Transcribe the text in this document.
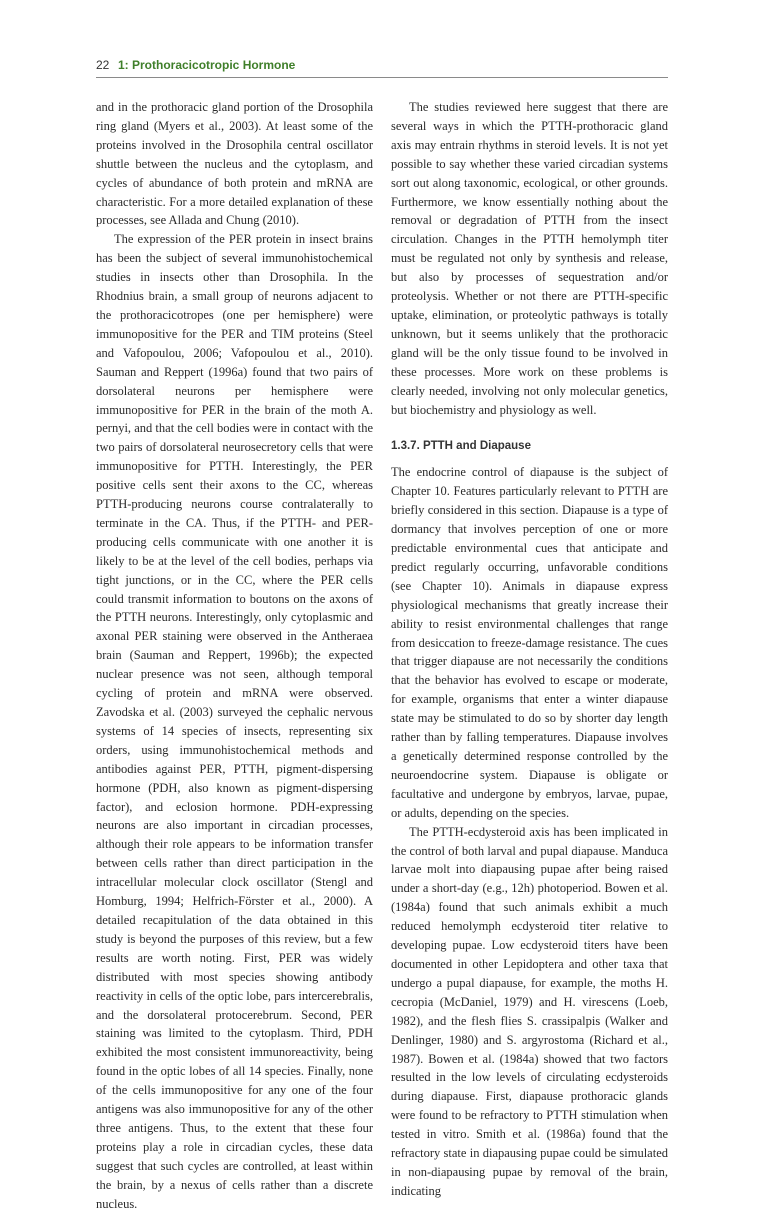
22 1: Prothoracicotropic Hormone

and in the prothoracic gland portion of the Drosophila ring gland (Myers et al., 2003). At least some of the proteins involved in the Drosophila central oscillator shuttle between the nucleus and the cytoplasm, and cycles of abundance of both protein and mRNA are characteristic. For a more detailed explanation of these processes, see Allada and Chung (2010).

The expression of the PER protein in insect brains has been the subject of several immunohistochemical studies in insects other than Drosophila. In the Rhodnius brain, a small group of neurons adjacent to the prothoracicotropes (one per hemisphere) were immunopositive for the PER and TIM proteins (Steel and Vafopoulou, 2006; Vafopoulou et al., 2010). Sauman and Reppert (1996a) found that two pairs of dorsolateral neurons per hemisphere were immunopositive for PER in the brain of the moth A. pernyi, and that the cell bodies were in contact with the two pairs of dorsolateral neurosecretory cells that were immunopositive for PTTH. Interestingly, the PER positive cells sent their axons to the CC, whereas PTTH-producing neurons course contralaterally to terminate in the CA. Thus, if the PTTH- and PER-producing cells communicate with one another it is likely to be at the level of the cell bodies, perhaps via tight junctions, or in the CC, where the PER cells could transmit information to boutons on the axons of the PTTH neurons. Interestingly, only cytoplasmic and axonal PER staining were observed in the Antheraea brain (Sauman and Reppert, 1996b); the expected nuclear presence was not seen, although temporal cycling of protein and mRNA were observed. Zavodska et al. (2003) surveyed the cephalic nervous systems of 14 species of insects, representing six orders, using immunohistochemical methods and antibodies against PER, PTTH, pigment-dispersing hormone (PDH, also known as pigment-dispersing factor), and eclosion hormone. PDH-expressing neurons are also important in circadian processes, although their role appears to be information transfer between cells rather than direct participation in the intracellular molecular clock oscillator (Stengl and Homburg, 1994; Helfrich-Förster et al., 2000). A detailed recapitulation of the data obtained in this study is beyond the purposes of this review, but a few results are worth noting. First, PER was widely distributed with most species showing antibody reactivity in cells of the optic lobe, pars intercerebralis, and the dorsolateral protocerebrum. Second, PER staining was limited to the cytoplasm. Third, PDH exhibited the most consistent immunoreactivity, being found in the optic lobes of all 14 species. Finally, none of the cells immunopositive for any one of the four antigens was also immunopositive for any of the other three antigens. Thus, to the extent that these four proteins play a role in circadian cycles, these data suggest that such cycles are controlled, at least within the brain, by a nexus of cells rather than a discrete nucleus.

The studies reviewed here suggest that there are several ways in which the PTTH-prothoracic gland axis may entrain rhythms in steroid levels. It is not yet possible to say whether these varied circadian systems sort out along taxonomic, ecological, or other grounds. Furthermore, we know essentially nothing about the removal or degradation of PTTH from the insect circulation. Changes in the PTTH hemolymph titer must be regulated not only by synthesis and release, but also by processes of sequestration and/or proteolysis. Whether or not there are PTTH-specific uptake, elimination, or proteolytic pathways is totally unknown, but it seems unlikely that the prothoracic gland will be the only tissue found to be involved in these processes. More work on these problems is clearly needed, involving not only molecular genetics, but biochemistry and physiology as well.

1.3.7. PTTH and Diapause

The endocrine control of diapause is the subject of Chapter 10. Features particularly relevant to PTTH are briefly considered in this section. Diapause is a type of dormancy that involves perception of one or more predictable environmental cues that anticipate and predict regularly occurring, unfavorable conditions (see Chapter 10). Animals in diapause express physiological mechanisms that greatly increase their ability to resist environmental challenges that range from desiccation to freeze-damage resistance. The cues that trigger diapause are not necessarily the conditions that the behavior has evolved to escape or moderate, for example, organisms that enter a winter diapause state may be stimulated to do so by shorter day length rather than by falling temperatures. Diapause involves a genetically determined response controlled by the neuroendocrine system. Diapause is obligate or facultative and undergone by embryos, larvae, pupae, or adults, depending on the species.

The PTTH-ecdysteroid axis has been implicated in the control of both larval and pupal diapause. Manduca larvae molt into diapausing pupae after being raised under a short-day (e.g., 12h) photoperiod. Bowen et al. (1984a) found that such animals exhibit a much reduced hemolymph ecdysteroid titer relative to developing pupae. Low ecdysteroid titers have been documented in other Lepidoptera and other taxa that undergo a pupal diapause, for example, the moths H. cecropia (McDaniel, 1979) and H. virescens (Loeb, 1982), and the flesh flies S. crassipalpis (Walker and Denlinger, 1980) and S. argyrostoma (Richard et al., 1987). Bowen et al. (1984a) showed that two factors resulted in the low levels of circulating ecdysteroids during diapause. First, diapause prothoracic glands were found to be refractory to PTTH stimulation when tested in vitro. Smith et al. (1986a) found that the refractory state in diapausing pupae could be simulated in non-diapausing pupae by removal of the brain, indicating
